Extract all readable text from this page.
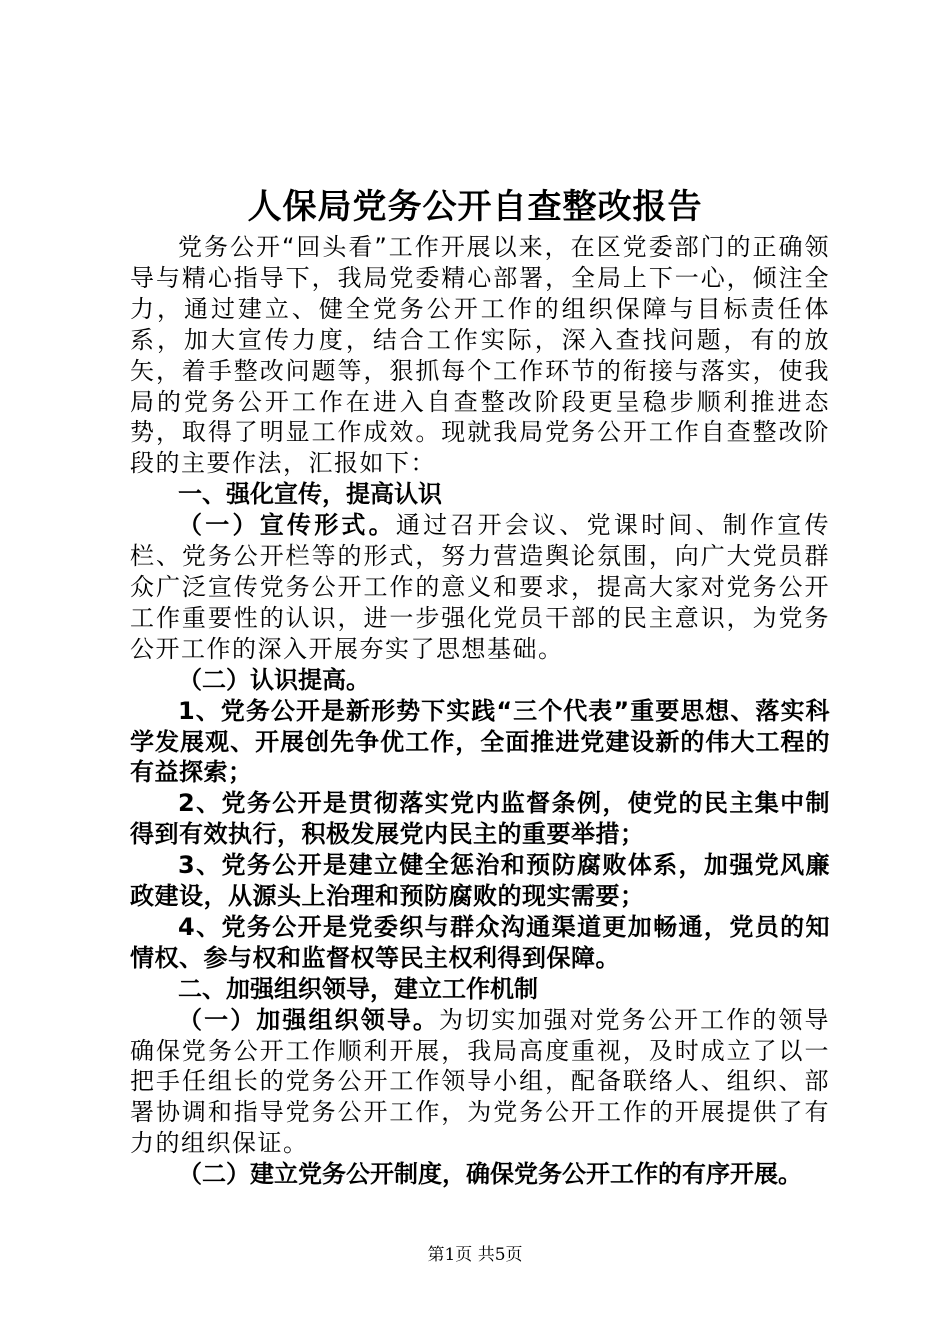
人保局党务公开自查整改报告

党务公开“回头看”工作开展以来，在区党委部门的正确领导与精心指导下，我局党委精心部署，全局上下一心，倾注全力，通过建立、健全党务公开工作的组织保障与目标责任体系，加大宣传力度，结合工作实际，深入查找问题，有的放矢，着手整改问题等，狠抓每个工作环节的衔接与落实，使我局的党务公开工作在进入自查整改阶段更呈稳步顺利推进态势，取得了明显工作成效。现就我局党务公开工作自查整改阶段的主要作法，汇报如下：

一、强化宣传，提高认识

（一）宣传形式。通过召开会议、党课时间、制作宣传栏、党务公开栏等的形式，努力营造舆论氛围，向广大党员群众广泛宣传党务公开工作的意义和要求，提高大家对党务公开工作重要性的认识，进一步强化党员干部的民主意识，为党务公开工作的深入开展夯实了思想基础。

（二）认识提高。

1、党务公开是新形势下实践“三个代表”重要思想、落实科学发展观、开展创先争优工作，全面推进党建设新的伟大工程的有益探索；

2、党务公开是贯彻落实党内监督条例，使党的民主集中制得到有效执行，积极发展党内民主的重要举措；

3、党务公开是建立健全惩治和预防腐败体系，加强党风廉政建设，从源头上治理和预防腐败的现实需要；

4、党务公开是党委织与群众沟通渠道更加畅通，党员的知情权、参与权和监督权等民主权利得到保障。

二、加强组织领导，建立工作机制

（一）加强组织领导。为切实加强对党务公开工作的领导确保党务公开工作顺利开展，我局高度重视，及时成立了以一把手任组长的党务公开工作领导小组，配备联络人、组织、部署协调和指导党务公开工作，为党务公开工作的开展提供了有力的组织保证。

（二）建立党务公开制度，确保党务公开工作的有序开展。

第1页 共5页
